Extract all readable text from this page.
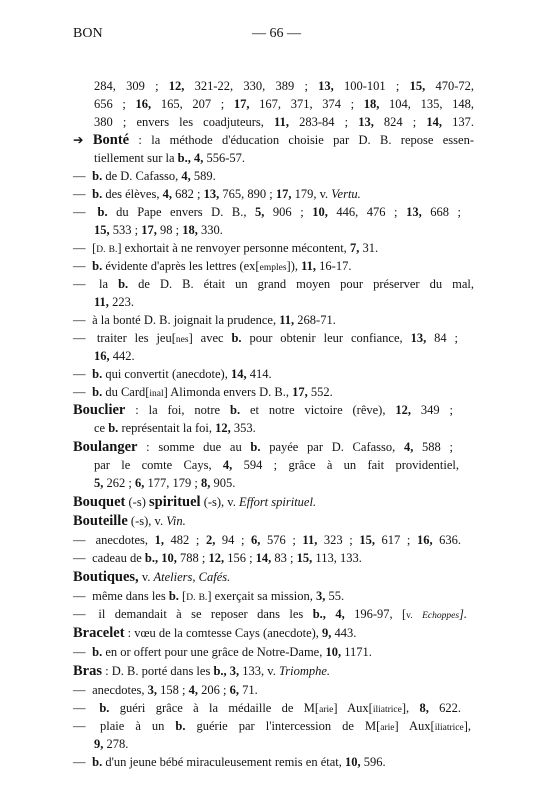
BON	— 66 —
284, 309 ; 12, 321-22, 330, 389 ; 13, 100-101 ; 15, 470-72,
656 ; 16, 165, 207 ; 17, 167, 371, 374 ; 18, 104, 135, 148,
380 ; envers les coadjuteurs, 11, 283-84 ; 13, 824 ; 14, 137.
➔ Bonté : la méthode d'éducation choisie par D. B. repose essen-
tiellement sur la b., 4, 556-57.
— b. de D. Cafasso, 4, 589.
— b. des élèves, 4, 682 ; 13, 765, 890 ; 17, 179, v. Vertu.
— b. du Pape envers D. B., 5, 906 ; 10, 446, 476 ; 13, 668 ;
15, 533 ; 17, 98 ; 18, 330.
— [D. B.] exhortait à ne renvoyer personne mécontent, 7, 31.
— b. évidente d'après les lettres (ex[emples]), 11, 16-17.
— la b. de D. B. était un grand moyen pour préserver du mal,
11, 223.
— à la bonté D. B. joignait la prudence, 11, 268-71.
— traiter les jeu[nes] avec b. pour obtenir leur confiance, 13, 84 ;
16, 442.
— b. qui convertit (anecdote), 14, 414.
— b. du Card[inal] Alimonda envers D. B., 17, 552.
Bouclier : la foi, notre b. et notre victoire (rêve), 12, 349 ;
ce b. représentait la foi, 12, 353.
Boulanger : somme due au b. payée par D. Cafasso, 4, 588 ;
par le comte Cays, 4, 594 ; grâce à un fait providentiel,
5, 262 ; 6, 177, 179 ; 8, 905.
Bouquet (-s) spirituel (-s), v. Effort spirituel.
Bouteille (-s), v. Vin.
— anecdotes, 1, 482 ; 2, 94 ; 6, 576 ; 11, 323 ; 15, 617 ; 16, 636.
— cadeau de b., 10, 788 ; 12, 156 ; 14, 83 ; 15, 113, 133.
Boutiques, v. Ateliers, Cafés.
— même dans les b. [D. B.] exerçait sa mission, 3, 55.
— il demandait à se reposer dans les b., 4, 196-97, [v. Echoppes].
Bracelet : vœu de la comtesse Cays (anecdote), 9, 443.
— b. en or offert pour une grâce de Notre-Dame, 10, 1171.
Bras : D. B. porté dans les b., 3, 133, v. Triomphe.
— anecdotes, 3, 158 ; 4, 206 ; 6, 71.
— b. guéri grâce à la médaille de M[arie] Aux[iliatrice], 8, 622.
— plaie à un b. guérie par l'intercession de M[arie] Aux[iliatrice],
9, 278.
— b. d'un jeune bébé miraculeusement remis en état, 10, 596.
